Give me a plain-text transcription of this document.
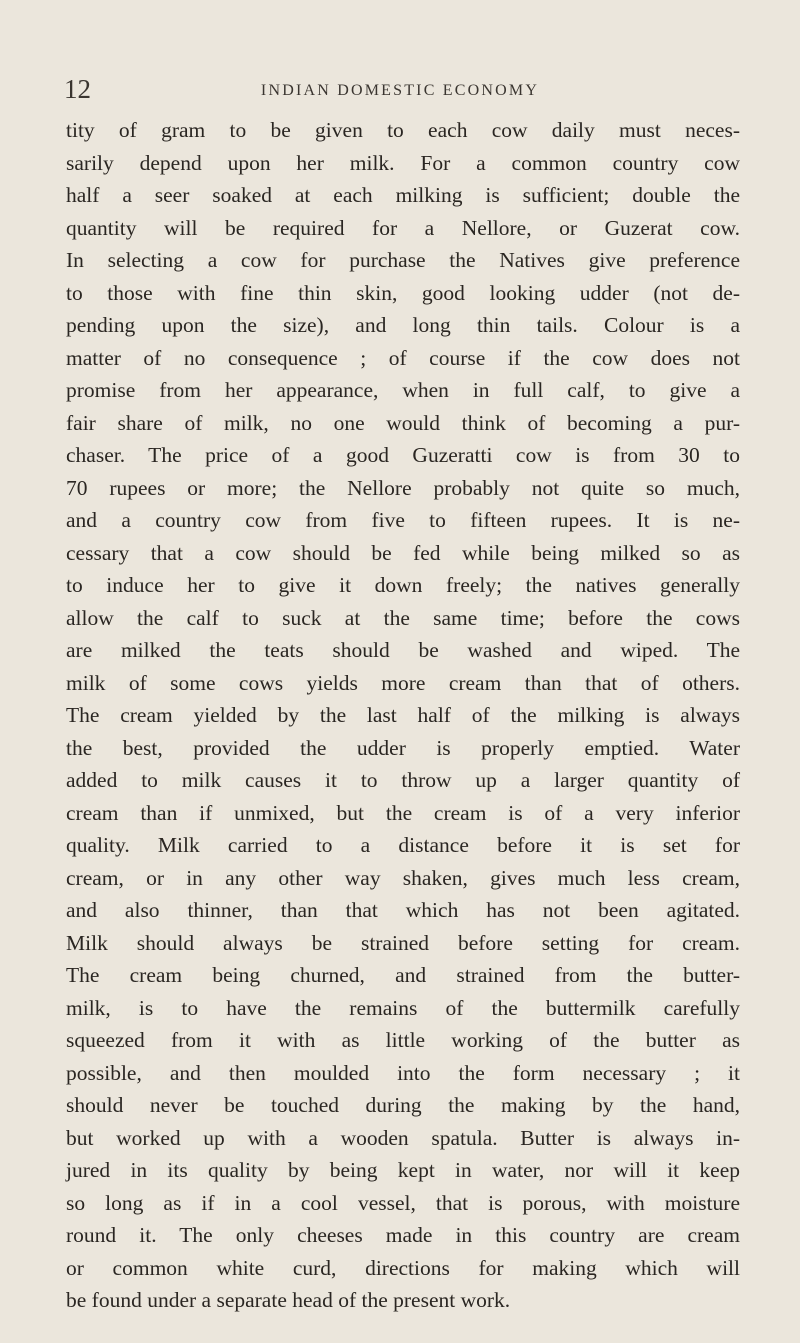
12	INDIAN DOMESTIC ECONOMY
tity of gram to be given to each cow daily must neces-
sarily depend upon her milk. For a common country cow
half a seer soaked at each milking is sufficient; double the
quantity will be required for a Nellore, or Guzerat cow.
In selecting a cow for purchase the Natives give preference
to those with fine thin skin, good looking udder (not de-
pending upon the size), and long thin tails. Colour is a
matter of no consequence ; of course if the cow does not
promise from her appearance, when in full calf, to give a
fair share of milk, no one would think of becoming a pur-
chaser. The price of a good Guzeratti cow is from 30 to
70 rupees or more; the Nellore probably not quite so much,
and a country cow from five to fifteen rupees. It is ne-
cessary that a cow should be fed while being milked so as
to induce her to give it down freely; the natives generally
allow the calf to suck at the same time; before the cows
are milked the teats should be washed and wiped. The
milk of some cows yields more cream than that of others.
The cream yielded by the last half of the milking is always
the best, provided the udder is properly emptied. Water
added to milk causes it to throw up a larger quantity of
cream than if unmixed, but the cream is of a very inferior
quality. Milk carried to a distance before it is set for
cream, or in any other way shaken, gives much less cream,
and also thinner, than that which has not been agitated.
Milk should always be strained before setting for cream.
The cream being churned, and strained from the butter-
milk, is to have the remains of the buttermilk carefully
squeezed from it with as little working of the butter as
possible, and then moulded into the form necessary ; it
should never be touched during the making by the hand,
but worked up with a wooden spatula. Butter is always in-
jured in its quality by being kept in water, nor will it keep
so long as if in a cool vessel, that is porous, with moisture
round it. The only cheeses made in this country are cream
or common white curd, directions for making which will
be found under a separate head of the present work.
